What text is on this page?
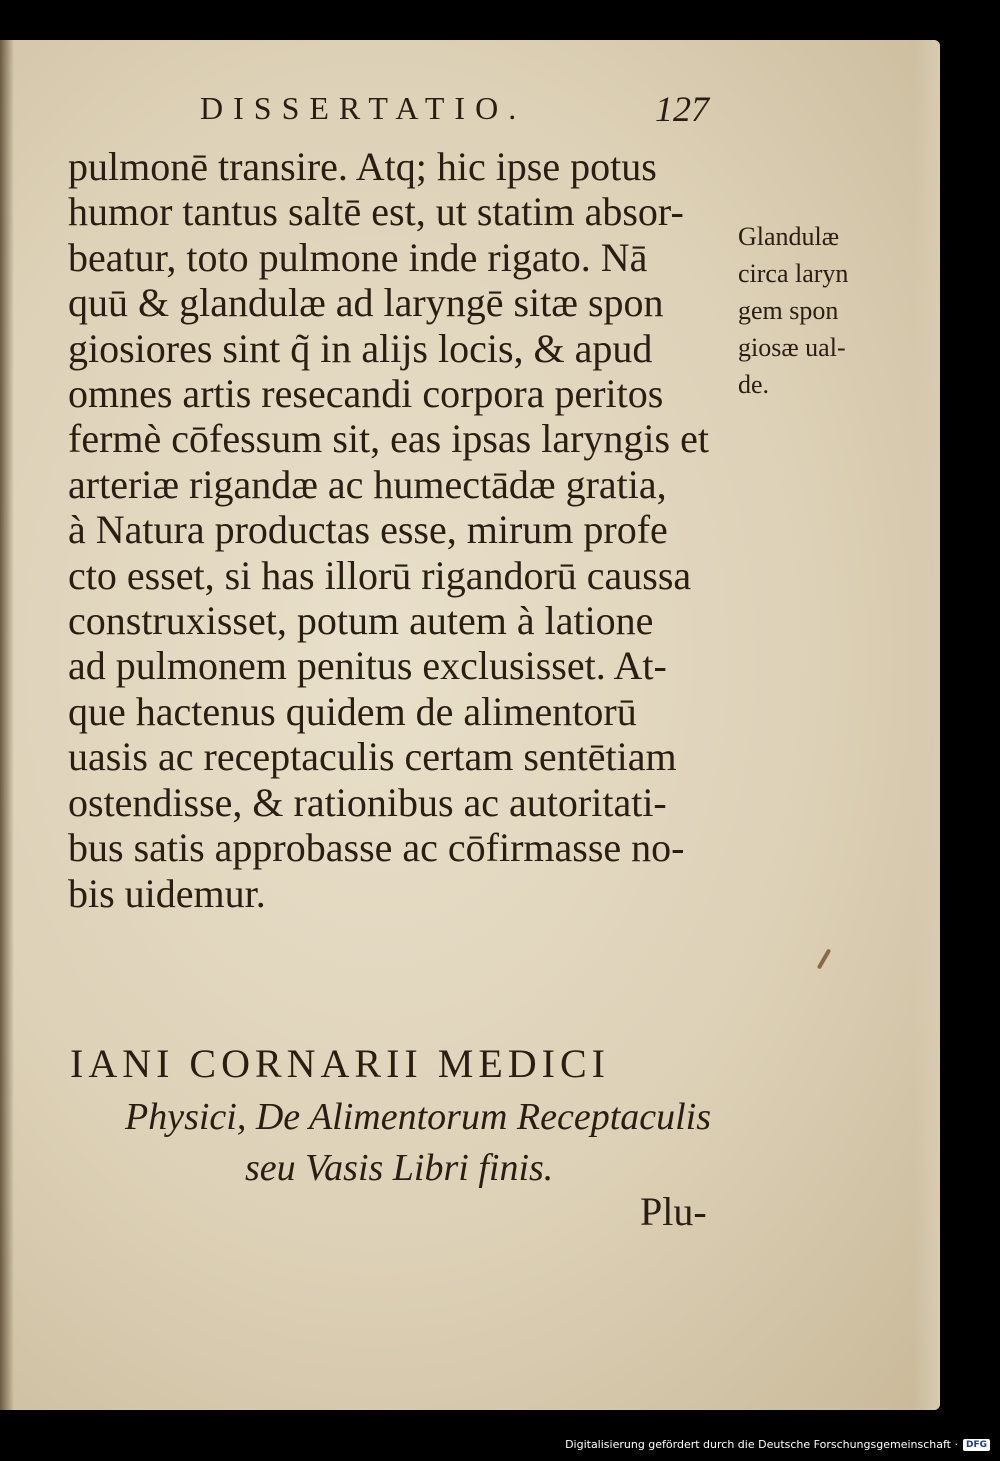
DISSERTATIO.	127
pulmonē transire. Atq; hic ipse potus
humor tantus saltē est, ut statim absor-
beatur, toto pulmone inde rigato. Nā
quū & glandulæ ad laryngē sitæ spon
giosiores sint q̃ in alijs locis, & apud
omnes artis resecandi corpora peritos
fermè cōfessum sit, eas ipsas laryngis et
arteriæ rigandæ ac humectādæ gratia,
à Natura productas esse, mirum profe
cto esset, si has illorū rigandorū caussa
construxisset, potum autem à latione
ad pulmonem penitus exclusisset. At-
que hactenus quidem de alimentorū
uasis ac receptaculis certam sentētiam
ostendisse, & rationibus ac autoritati-
bus satis approbasse ac cōfirmasse no-
bis uidemur.
Glandulæ
circa laryn
gem spon
giosæ ual-
de.
IANI CORNARII MEDICI
Physici, De Alimentorum Receptaculis
seu Vasis Libri finis.
Plu-
Digitalisierung gefördert durch die Deutsche Forschungsgemeinschaft · DFG
